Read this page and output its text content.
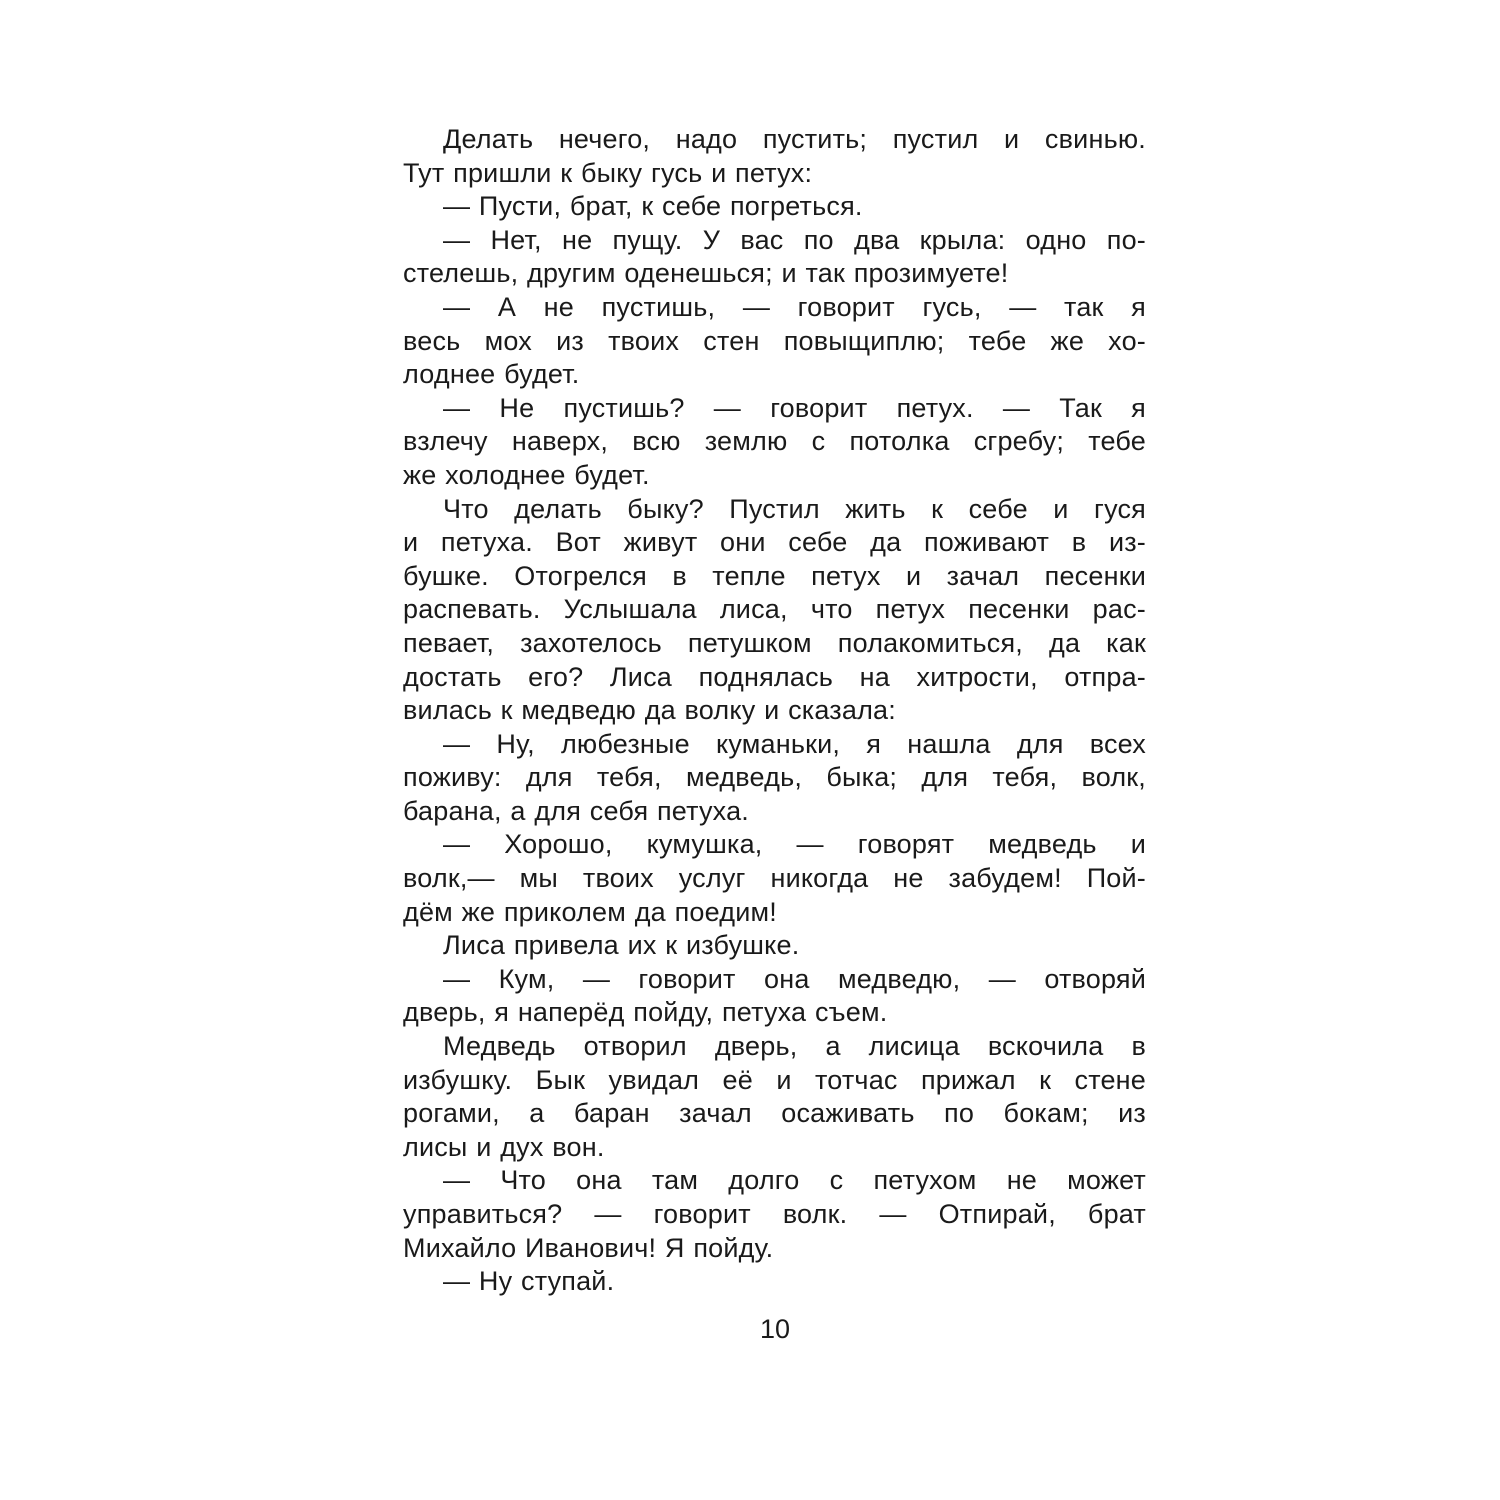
Делать нечего, надо пустить; пустил и свинью.
Тут пришли к быку гусь и петух:
— Пусти, брат, к себе погреться.
— Нет, не пущу. У вас по два крыла: одно по-
стелешь, другим оденешься; и так прозимуете!
— А не пустишь, — говорит гусь, — так я
весь мох из твоих стен повыщиплю; тебе же хо-
лоднее будет.
— Не пустишь? — говорит петух. — Так я
взлечу наверх, всю землю с потолка сгребу; тебе
же холоднее будет.
Что делать быку? Пустил жить к себе и гуся
и петуха. Вот живут они себе да поживают в из-
бушке. Отогрелся в тепле петух и зачал песенки
распевать. Услышала лиса, что петух песенки рас-
певает, захотелось петушком полакомиться, да как
достать его? Лиса поднялась на хитрости, отпра-
вилась к медведю да волку и сказала:
— Ну, любезные куманьки, я нашла для всех
поживу: для тебя, медведь, быка; для тебя, волк,
барана, а для себя петуха.
— Хорошо, кумушка, — говорят медведь и
волк,— мы твоих услуг никогда не забудем! Пой-
дём же приколем да поедим!
Лиса привела их к избушке.
— Кум, — говорит она медведю, — отворяй
дверь, я наперёд пойду, петуха съем.
Медведь отворил дверь, а лисица вскочила в
избушку. Бык увидал её и тотчас прижал к стене
рогами, а баран зачал осаживать по бокам; из
лисы и дух вон.
— Что она там долго с петухом не может
управиться? — говорит волк. — Отпирай, брат
Михайло Иванович! Я пойду.
— Ну ступай.
10
